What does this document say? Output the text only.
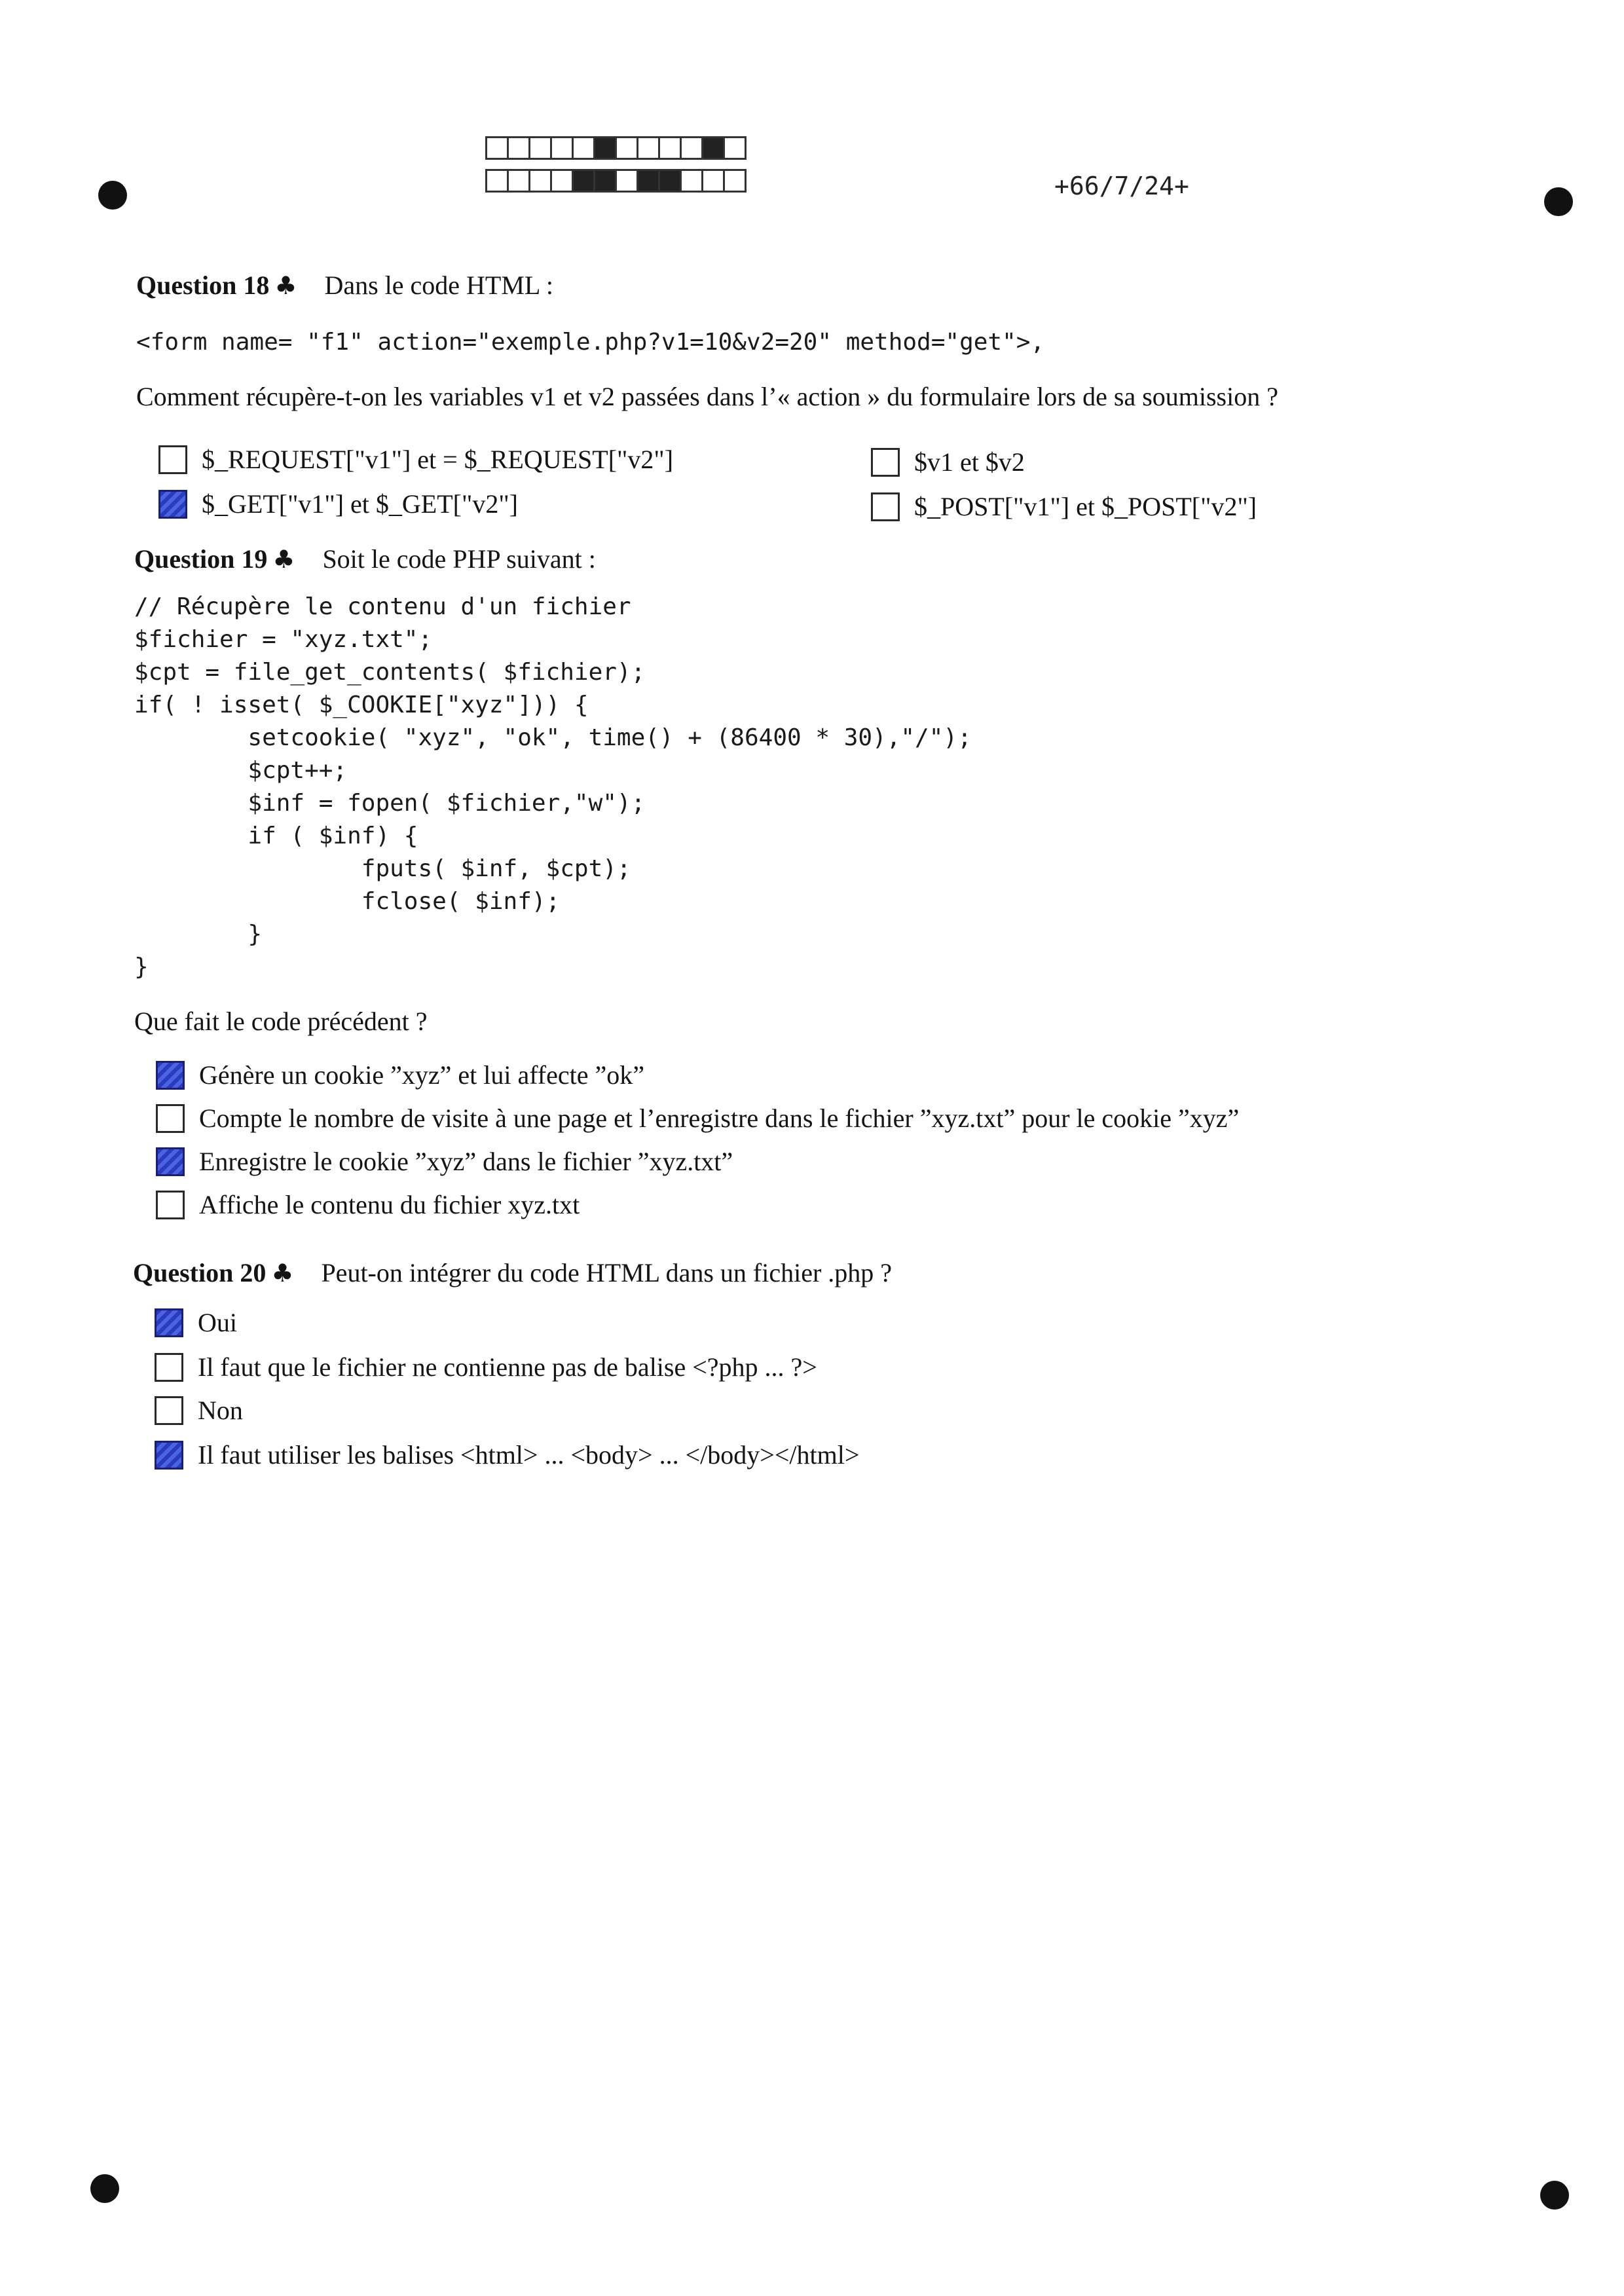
+66/7/24+
Question 18 ♣ Dans le code HTML :
<form name= "f1" action="exemple.php?v1=10&v2=20" method="get">,
Comment récupère-t-on les variables v1 et v2 passées dans l’« action » du formulaire lors de sa soumission ?
$_REQUEST["v1"] et = $_REQUEST["v2"]	$v1 et $v2
$_GET["v1"] et $_GET["v2"]	$_POST["v1"] et $_POST["v2"]
Question 19 ♣ Soit le code PHP suivant :
// Récupère le contenu d'un fichier
$fichier = "xyz.txt";
$cpt = file_get_contents( $fichier);
if( ! isset( $_COOKIE["xyz"])) {
setcookie( "xyz", "ok", time() + (86400 * 30),"/");
$cpt++;
$inf = fopen( $fichier,"w");
if ( $inf) {
fputs( $inf, $cpt);
fclose( $inf);
}
}
Que fait le code précédent ?
Génère un cookie ”xyz” et lui affecte ”ok”
Compte le nombre de visite à une page et l’enregistre dans le fichier ”xyz.txt” pour le cookie ”xyz”
Enregistre le cookie ”xyz” dans le fichier ”xyz.txt”
Affiche le contenu du fichier xyz.txt
Question 20 ♣ Peut-on intégrer du code HTML dans un fichier .php ?
Oui
Il faut que le fichier ne contienne pas de balise <?php ... ?>
Non
Il faut utiliser les balises <html> ... <body> ... </body></html>
